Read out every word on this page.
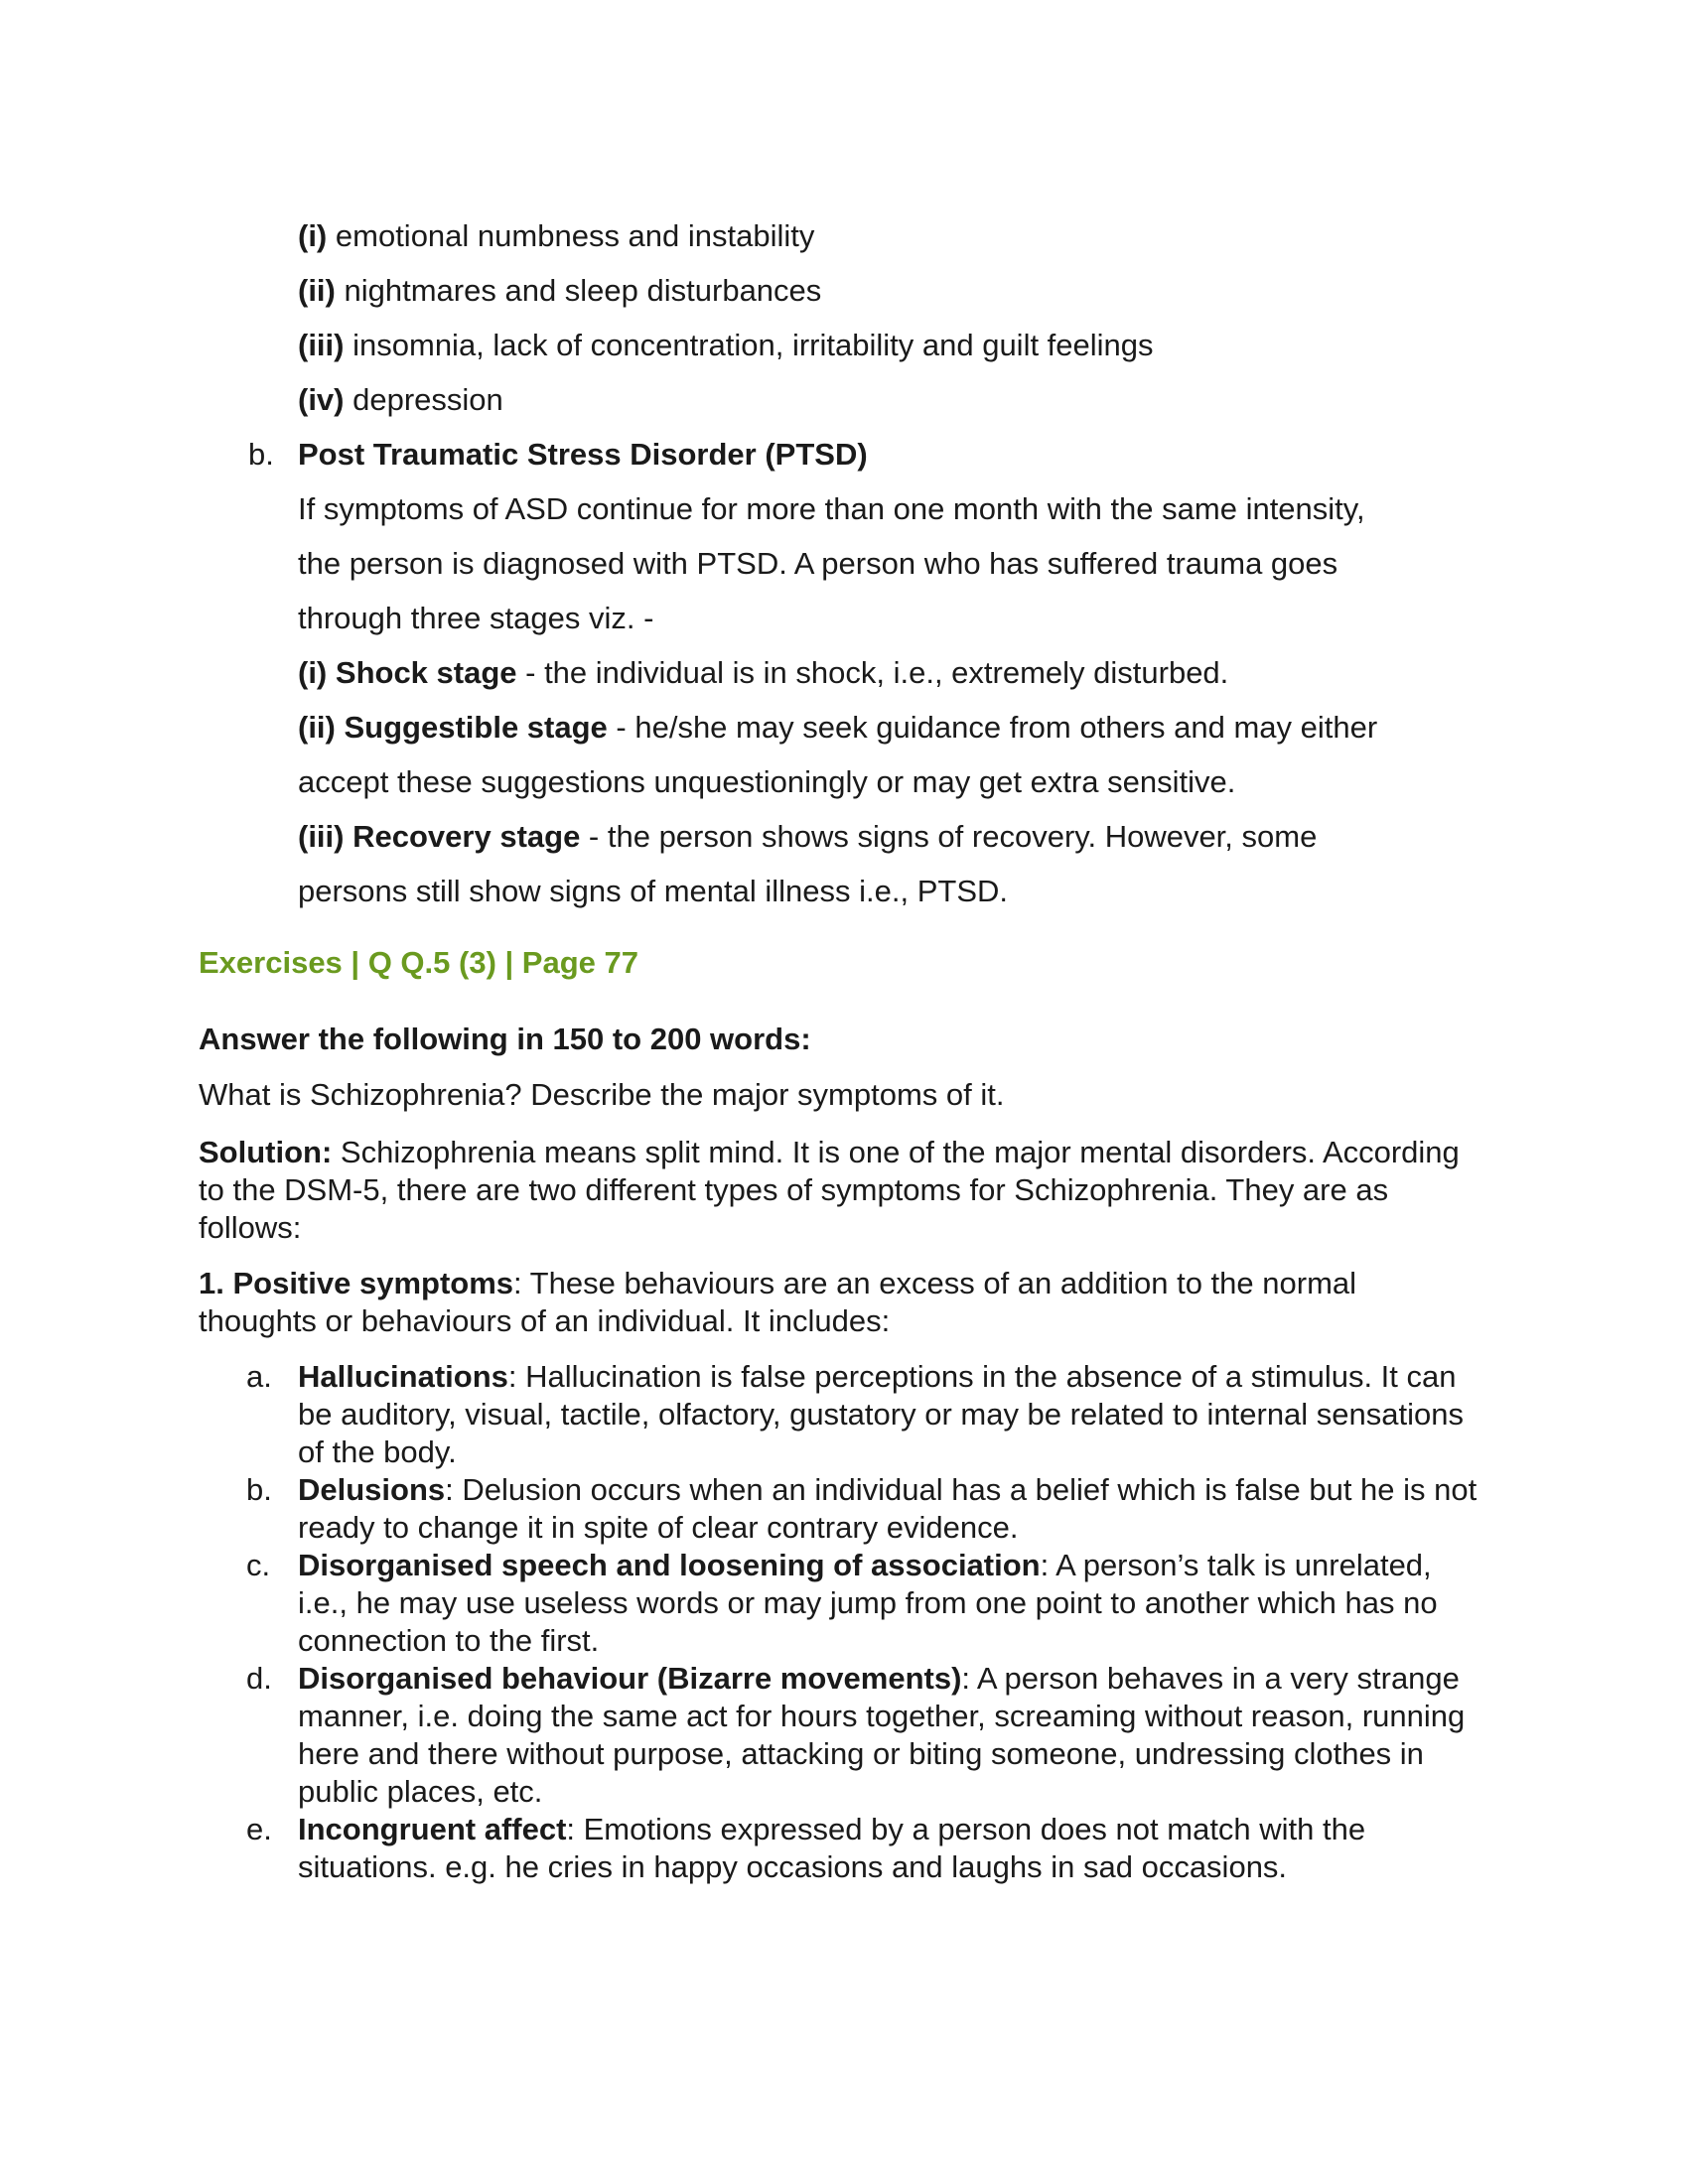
(i) emotional numbness and instability
(ii) nightmares and sleep disturbances
(iii) insomnia, lack of concentration, irritability and guilt feelings
(iv) depression
b. Post Traumatic Stress Disorder (PTSD)
If symptoms of ASD continue for more than one month with the same intensity,
the person is diagnosed with PTSD. A person who has suffered trauma goes
through three stages viz. -
(i) Shock stage - the individual is in shock, i.e., extremely disturbed.
(ii) Suggestible stage - he/she may seek guidance from others and may either
accept these suggestions unquestioningly or may get extra sensitive.
(iii) Recovery stage - the person shows signs of recovery. However, some
persons still show signs of mental illness i.e., PTSD.
Exercises | Q Q.5 (3) | Page 77

Answer the following in 150 to 200 words:

What is Schizophrenia? Describe the major symptoms of it.

Solution: Schizophrenia means split mind. It is one of the major mental disorders. According to the DSM-5, there are two different types of symptoms for Schizophrenia. They are as follows:

1. Positive symptoms: These behaviours are an excess of an addition to the normal thoughts or behaviours of an individual. It includes:

a. Hallucinations: Hallucination is false perceptions in the absence of a stimulus. It can be auditory, visual, tactile, olfactory, gustatory or may be related to internal sensations of the body.
b. Delusions: Delusion occurs when an individual has a belief which is false but he is not ready to change it in spite of clear contrary evidence.
c. Disorganised speech and loosening of association: A person’s talk is unrelated, i.e., he may use useless words or may jump from one point to another which has no connection to the first.
d. Disorganised behaviour (Bizarre movements): A person behaves in a very strange manner, i.e. doing the same act for hours together, screaming without reason, running here and there without purpose, attacking or biting someone, undressing clothes in public places, etc.
e. Incongruent affect: Emotions expressed by a person does not match with the situations. e.g. he cries in happy occasions and laughs in sad occasions.
